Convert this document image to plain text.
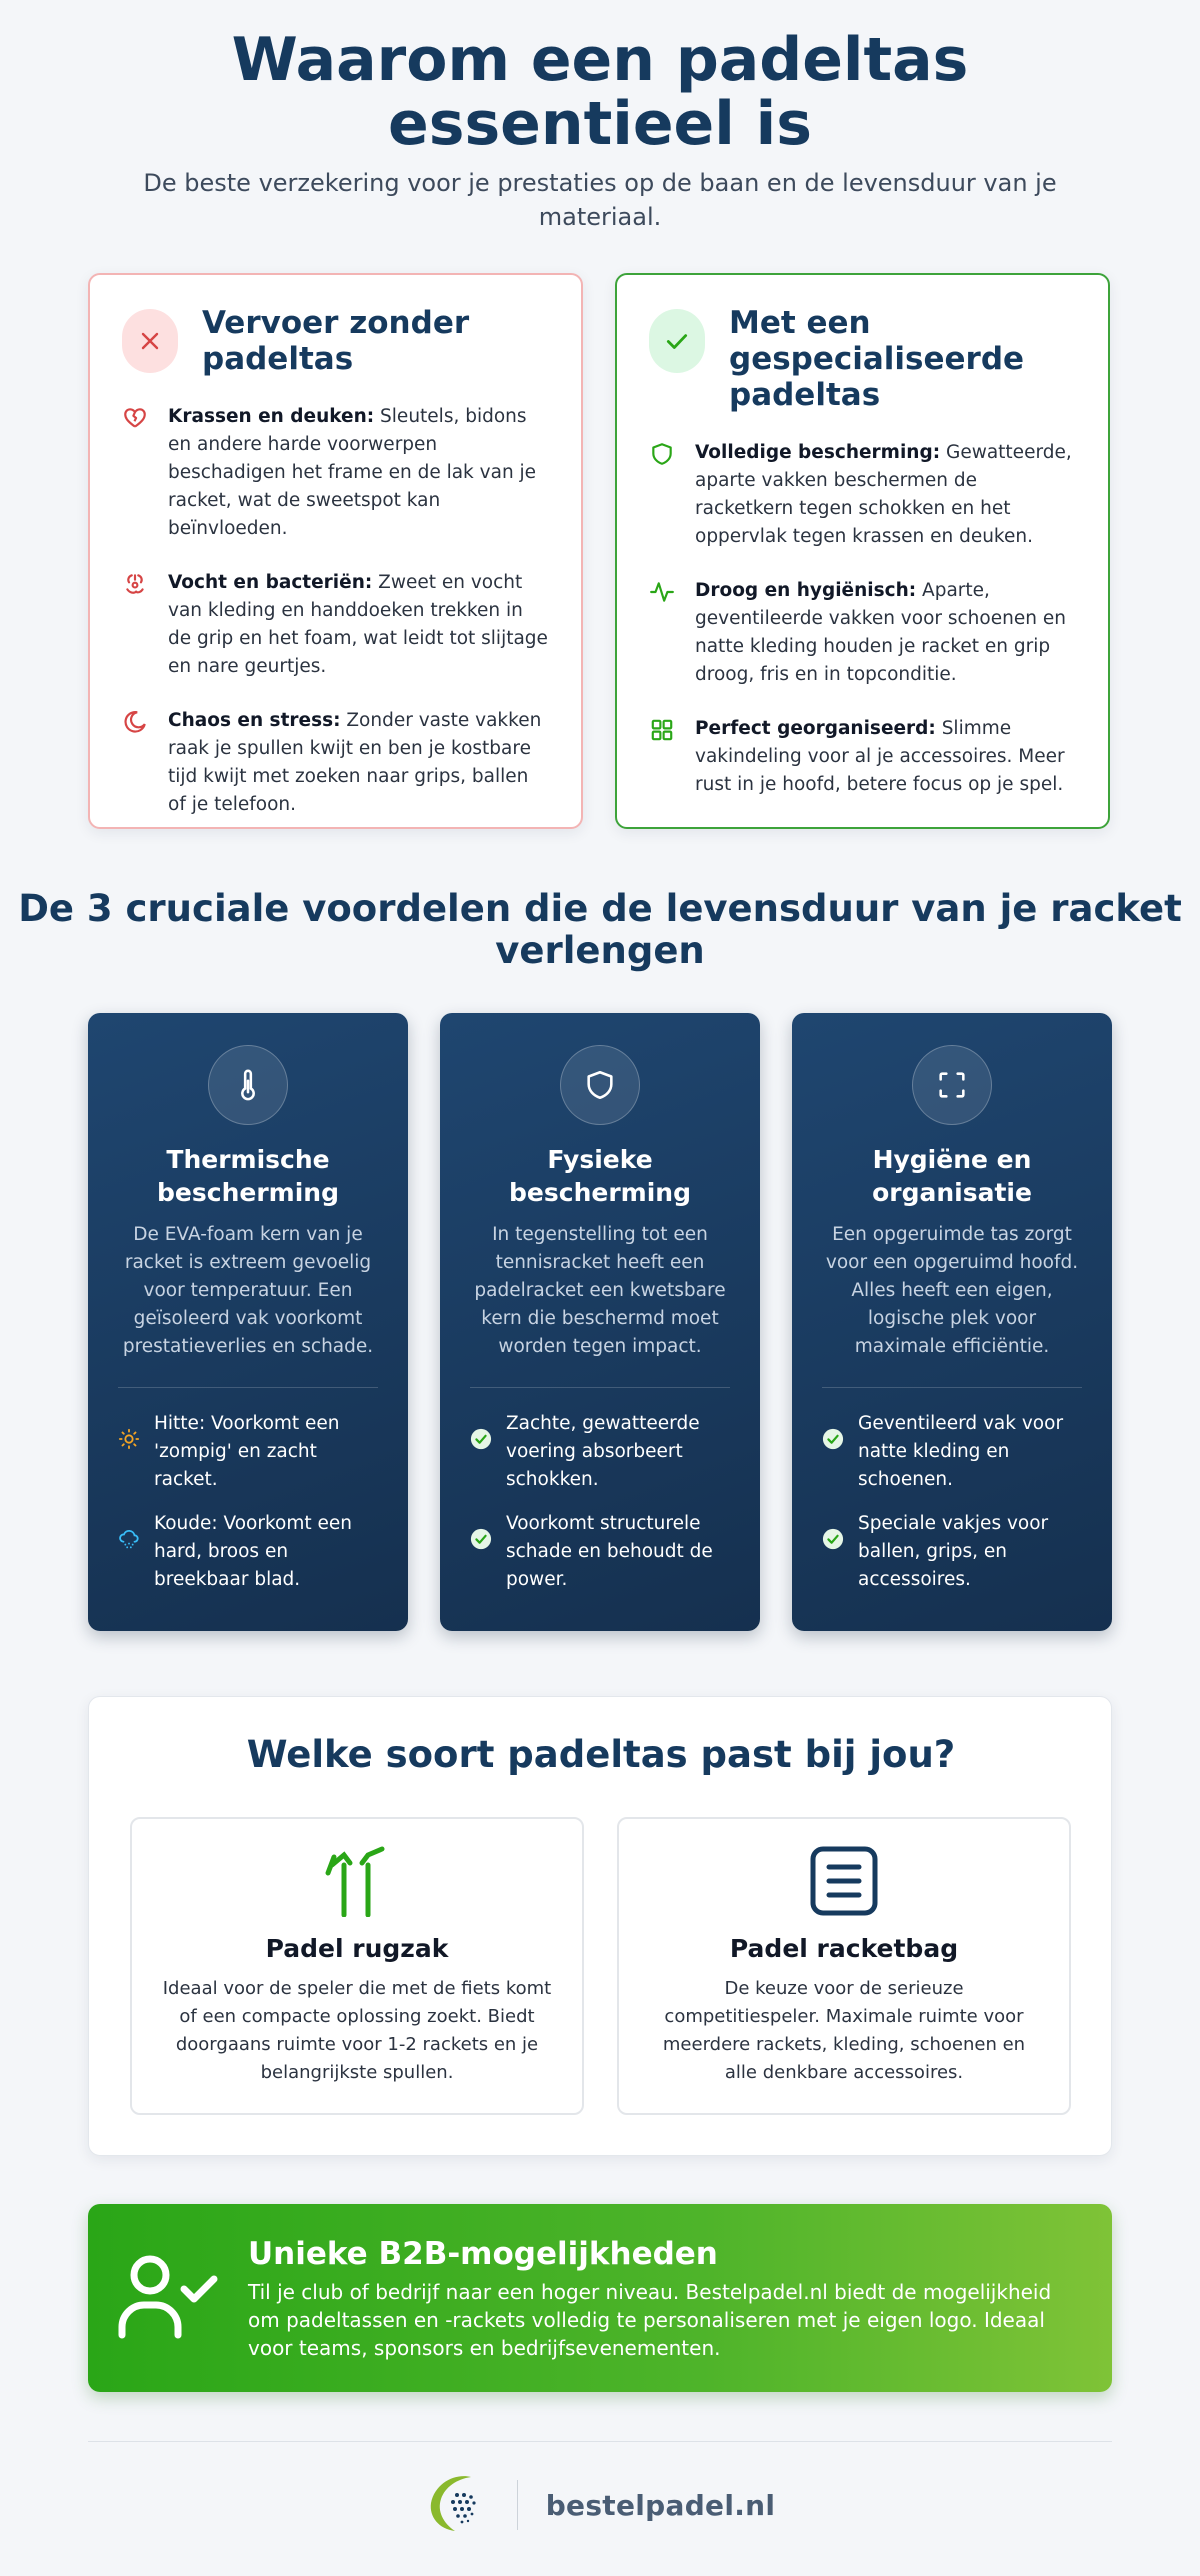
Waarom een padeltas essentieel is

De beste verzekering voor je prestaties op de baan en de levensduur van je materiaal.

Vervoer zonder padeltas

Krassen en deuken: Sleutels, bidons en andere harde voorwerpen beschadigen het frame en de lak van je racket, wat de sweetspot kan beïnvloeden.

Vocht en bacteriën: Zweet en vocht van kleding en handdoeken trekken in de grip en het foam, wat leidt tot slijtage en nare geurtjes.

Chaos en stress: Zonder vaste vakken raak je spullen kwijt en ben je kostbare tijd kwijt met zoeken naar grips, ballen of je telefoon.

Met een gespecialiseerde padeltas

Volledige bescherming: Gewatteerde, aparte vakken beschermen de racketkern tegen schokken en het oppervlak tegen krassen en deuken.

Droog en hygiënisch: Aparte, geventileerde vakken voor schoenen en natte kleding houden je racket en grip droog, fris en in topconditie.

Perfect georganiseerd: Slimme vakindeling voor al je accessoires. Meer rust in je hoofd, betere focus op je spel.

De 3 cruciale voordelen die de levensduur van je racket verlengen
Thermische bescherming

De EVA-foam kern van je racket is extreem gevoelig voor temperatuur. Een geïsoleerd vak voorkomt prestatieverlies en schade.

Hitte: Voorkomt een 'zompig' en zacht racket.

Koude: Voorkomt een hard, broos en breekbaar blad.

Fysieke bescherming

In tegenstelling tot een tennisracket heeft een padelracket een kwetsbare kern die beschermd moet worden tegen impact.

Zachte, gewatteerde voering absorbeert schokken.

Voorkomt structurele schade en behoudt de power.

Hygiëne en organisatie

Een opgeruimde tas zorgt voor een opgeruimd hoofd. Alles heeft een eigen, logische plek voor maximale efficiëntie.

Geventileerd vak voor natte kleding en schoenen.

Speciale vakjes voor ballen, grips, en accessoires.

Welke soort padeltas past bij jou?
Padel rugzak

Ideaal voor de speler die met de fiets komt of een compacte oplossing zoekt. Biedt doorgaans ruimte voor 1-2 rackets en je belangrijkste spullen.

Padel racketbag

De keuze voor de serieuze competitiespeler. Maximale ruimte voor meerdere rackets, kleding, schoenen en alle denkbare accessoires.

Unieke B2B-mogelijkheden

Til je club of bedrijf naar een hoger niveau. Bestelpadel.nl biedt de mogelijkheid om padeltassen en -rackets volledig te personaliseren met je eigen logo. Ideaal voor teams, sponsors en bedrijfsevenementen.

bestelpadel.nl
